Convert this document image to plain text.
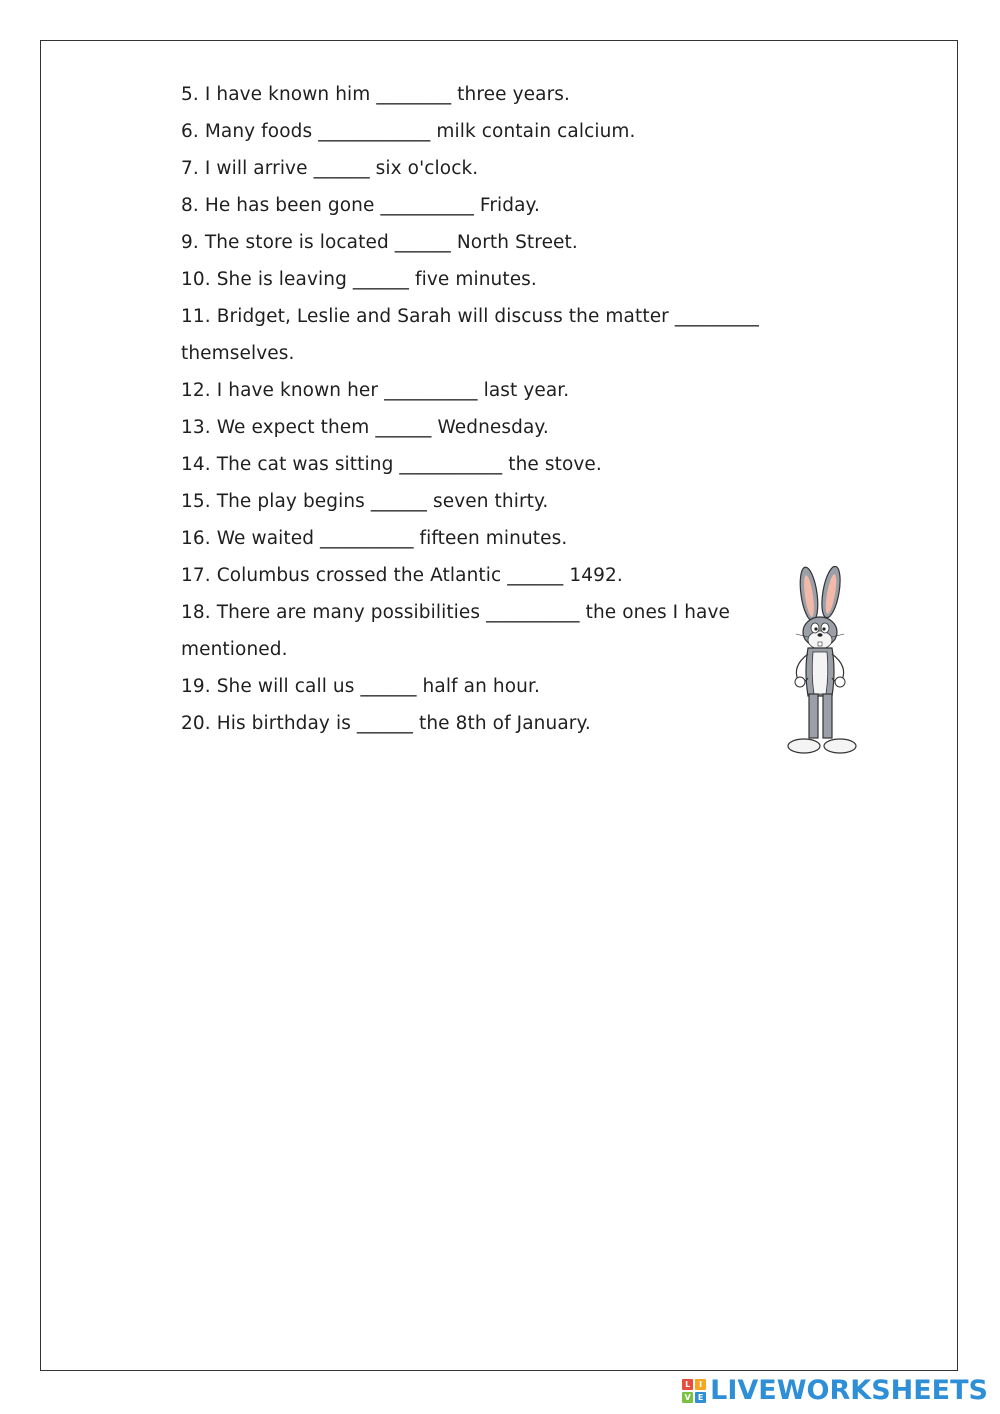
5. I have known him ________ three years.
6. Many foods ____________ milk contain calcium.
7. I will arrive ______ six o'clock.
8. He has been gone __________ Friday.
9. The store is located ______ North Street.
10. She is leaving ______ five minutes.
11. Bridget, Leslie and Sarah will discuss the matter _________
themselves.
12. I have known her __________ last year.
13. We expect them ______ Wednesday.
14. The cat was sitting ___________ the stove.
15. The play begins ______ seven thirty.
16. We waited __________ fifteen minutes.
17. Columbus crossed the Atlantic ______ 1492.
18. There are many possibilities __________ the ones I have
mentioned.
19. She will call us ______ half an hour.
20. His birthday is ______ the 8th of January.
L	I
V E LIVEWORKSHEETS
